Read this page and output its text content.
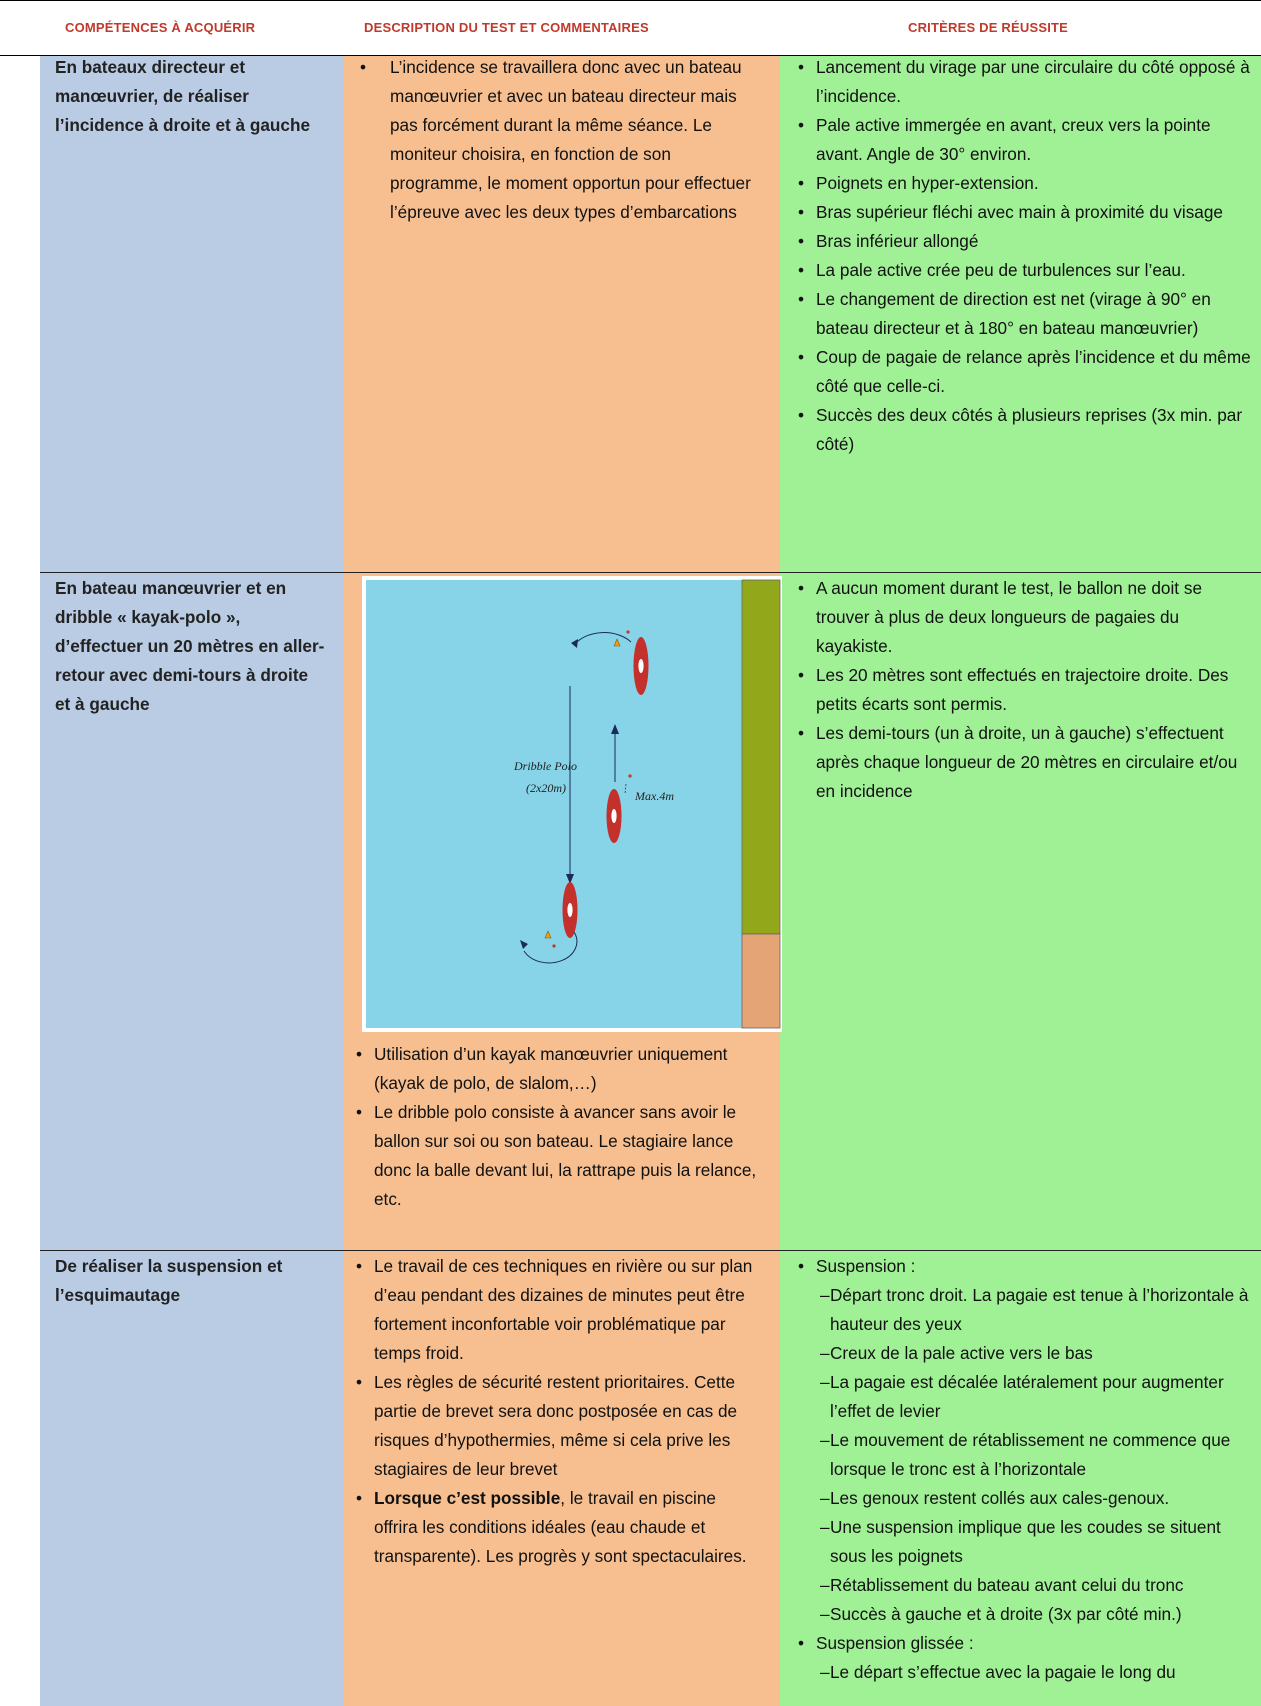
COMPÉTENCES À ACQUÉRIR	DESCRIPTION DU TEST ET COMMENTAIRES	CRITÈRES DE RÉUSSITE
En bateaux directeur et manœuvrier, de réaliser l’incidence à droite et à gauche
• L’incidence se travaillera donc avec un bateau manœuvrier et avec un bateau directeur mais pas forcément durant la même séance. Le moniteur choisira, en fonction de son programme, le moment opportun pour effectuer l’épreuve avec les deux types d’embarcations
• Lancement du virage par une circulaire du côté opposé à l’incidence.
• Pale active immergée en avant, creux vers la pointe avant. Angle de 30° environ.
• Poignets en hyper-extension.
• Bras supérieur fléchi avec main à proximité du visage
• Bras inférieur allongé
• La pale active crée peu de turbulences sur l’eau.
• Le changement de direction est net (virage à 90° en bateau directeur et à 180° en bateau manœuvrier)
• Coup de pagaie de relance après l’incidence et du même côté que celle-ci.
• Succès des deux côtés à plusieurs reprises (3x min. par côté)
En bateau manœuvrier et en dribble « kayak-polo », d’effectuer un 20 mètres en aller-retour avec demi-tours à droite et à gauche
Dribble Polo
(2x20m)
Max.4m
• Utilisation d’un kayak manœuvrier uniquement (kayak de polo, de slalom,…)
• Le dribble polo consiste à avancer sans avoir le ballon sur soi ou son bateau. Le stagiaire lance donc la balle devant lui, la rattrape puis la relance, etc.
• A aucun moment durant le test, le ballon ne doit se trouver à plus de deux longueurs de pagaies du kayakiste.
• Les 20 mètres sont effectués en trajectoire droite. Des petits écarts sont permis.
• Les demi-tours (un à droite, un à gauche) s’effectuent après chaque longueur de 20 mètres en circulaire et/ou en incidence
De réaliser la suspension et l’esquimautage
• Le travail de ces techniques en rivière ou sur plan d’eau pendant des dizaines de minutes peut être fortement inconfortable voir problématique par temps froid.
• Les règles de sécurité restent prioritaires. Cette partie de brevet sera donc postposée en cas de risques d’hypothermies, même si cela prive les stagiaires de leur brevet
• Lorsque c’est possible, le travail en piscine offrira les conditions idéales (eau chaude et transparente). Les progrès y sont spectaculaires.
• Suspension :
– Départ tronc droit. La pagaie est tenue à l’horizontale à hauteur des yeux
– Creux de la pale active vers le bas
– La pagaie est décalée latéralement pour augmenter l’effet de levier
– Le mouvement de rétablissement ne commence que lorsque le tronc est à l’horizontale
– Les genoux restent collés aux cales-genoux.
– Une suspension implique que les coudes se situent sous les poignets
– Rétablissement du bateau avant celui du tronc
– Succès à gauche et à droite (3x par côté min.)
• Suspension glissée :
– Le départ s’effectue avec la pagaie le long du
